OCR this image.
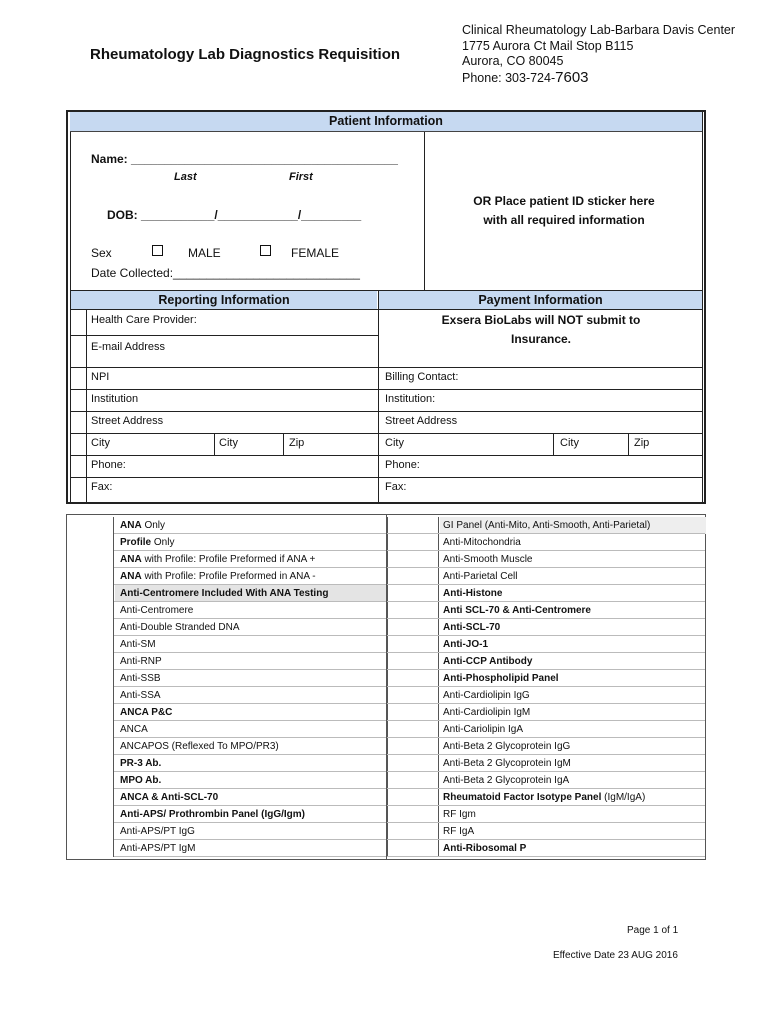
Rheumatology Lab Diagnostics Requisition
Clinical Rheumatology Lab-Barbara Davis Center
1775 Aurora Ct Mail Stop B115
Aurora, CO 80045
Phone: 303-724-7603
Patient Information
Name: ________________________________________
Last	First
DOB: ___________/____________/_________
Sex	MALE	FEMALE
Date Collected:____________________________
OR Place patient ID sticker here
with all required information
Reporting Information	Payment Information
Health Care Provider:
E-mail Address
Exsera BioLabs will NOT submit to
Insurance.
NPI	Billing Contact:
Institution	Institution:
Street Address	Street Address
City	City	Zip	City	City	Zip
Phone:	Phone:
Fax:	Fax:
ANA Only	GI Panel (Anti-Mito, Anti-Smooth, Anti-Parietal)
Profile Only	Anti-Mitochondria
ANA with Profile: Profile Preformed if ANA +	Anti-Smooth Muscle
ANA with Profile: Profile Preformed in ANA -	Anti-Parietal Cell
Anti-Centromere Included With ANA Testing	Anti-Histone
Anti-Centromere	Anti SCL-70 & Anti-Centromere
Anti-Double Stranded DNA	Anti-SCL-70
Anti-SM	Anti-JO-1
Anti-RNP	Anti-CCP Antibody
Anti-SSB	Anti-Phospholipid Panel
Anti-SSA	Anti-Cardiolipin IgG
ANCA P&C	Anti-Cardiolipin IgM
ANCA	Anti-Cariolipin IgA
ANCAPOS (Reflexed To MPO/PR3)	Anti-Beta 2 Glycoprotein IgG
PR-3 Ab.	Anti-Beta 2 Glycoprotein IgM
MPO Ab.	Anti-Beta 2 Glycoprotein IgA
ANCA & Anti-SCL-70	Rheumatoid Factor Isotype Panel (IgM/IgA)
Anti-APS/ Prothrombin Panel (IgG/Igm)	RF Igm
Anti-APS/PT IgG	RF IgA
Anti-APS/PT IgM	Anti-Ribosomal P
Page 1 of 1
Effective Date 23 AUG 2016
